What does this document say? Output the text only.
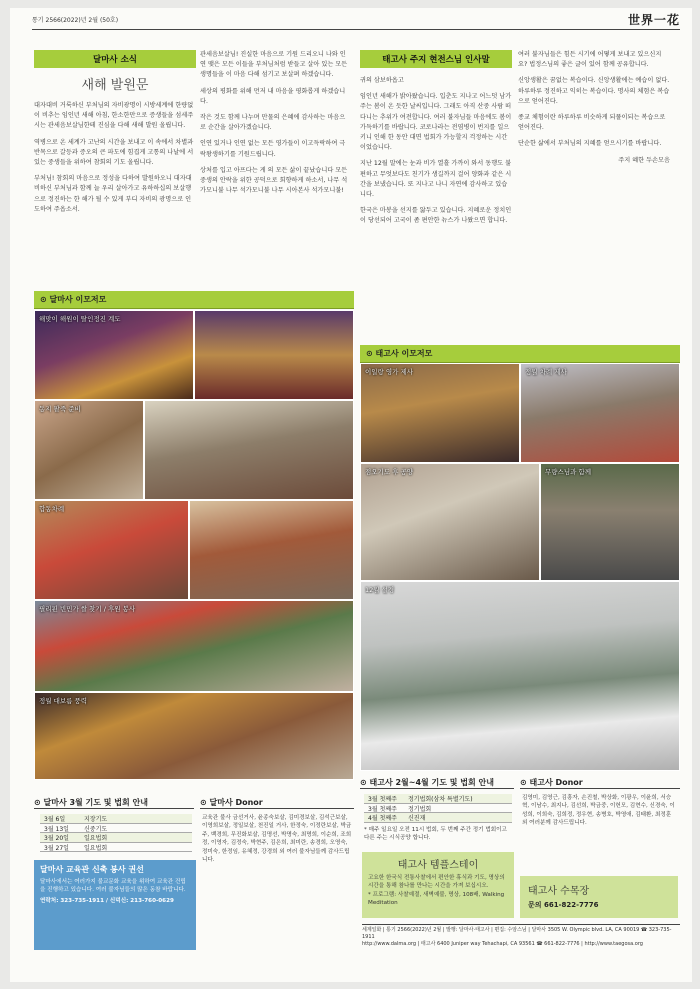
통기 2566(2022)년 2월 (50호)	世界一花
달마사 소식
새해 발원문
대자대비 거룩하신 부처님의 자비광명이 시방세계에 한량없이 비추는 임인년 새해 아침, 한소한만으로 증생들을 섬세주시는 관세음보살님한테 진심을 다해 새해 발원 올립니다.
역병으로 온 세계가 고난의 시간을 보내고 이 속에서 차별과 반목으로 갈등과 증오의 큰 파도에 힘겹게 고통의 나날에 서 있는 중생들을 위하여 참회의 기도 올립니다.
부처님! 참회의 마음으로 정성을 다하여 발원하오니 대자대비하신 부처님과 함께 늘 우리 살아가고 유하하십의 보살행으로 정진하는 한 해가 될 수 있게 부디 자비의 광명으로 인도하여 주옵소서.
관세음보살님! 진실한 마음으로 기원 드리오니 나와 인연 맺은 모든 이들을 부처님처럼 받들고 살아 있는 모든 생명들을 이 마음 다해 섬기고 보살펴 하겠습니다.
세상의 평화를 위해 먼저 내 마음을 평화롭게 하겠습니다.
작은 것도 함께 나누며 만물의 은혜에 감사하는 마음으로 순간을 살아가겠습니다.
인연 있거나 인연 없는 모든 영가들이 이고득락하여 극락왕생하기를 기원드립니다.
상처를 입고 아프다는 게 의 모든 삶이 끝났습니다 모든 중생의 안락을 위한 공덕으로 회향하게 하소서, 나무 석가모니불 나무 석가모니불 나무 시아본사 석가모니불!
태고사 주지 현전스님 인사말
귀의 삼보하옵고
임인년 새해가 밝아왔습니다. 입춘도 지나고 어느덧 남가주는 봄이 온 듯한 날씨입니다. 그래도 아직 산중 사람 떠다니는 추위가 여전합니다. 여러 불자님들 마음에도 봄이 가득하기를 바랍니다. 코로나라는 전염병이 번지를 일으키니 인해 한 동안 대면 법회가 가능할지 걱정하는 시간이었습니다.
지난 12월 말에는 눈과 비가 열흘 가까이 와서 동행도 불편하고 무엇보다도 친기가 생길까지 걸어 양화과 같은 시간을 보냈습니다. 또 지나고 나니 자연에 감사하고 있습니다.
한국은 마봉을 선지를 앓두고 있습니다. 지혜로운 정치인이 당선되어 고국이 좀 편안한 뉴스가 나왔으면 합니다.
여러 불자님들은 힘든 시기에 어떻게 보내고 있으신지요? 법정스님의 좋은 글이 있어 함께 공유합니다.
신앙생활은 꿈없는 복습이다. 신앙생활에는 예습이 없다. 하루하루 정진하고 익히는 복습이다. 명사의 체험은 복습으로 얻어진다.
종교 체험이란 하루하루 비슷하게 되풀이되는 복습으로 얻어진다.
단순한 삶에서 부처님의 지혜를 얻으시기를 바랍니다.
주지 혜한 두손모음
⊙ 달마사 이모저모
해맞이 해원이 탈인정진 계도
동지 팥죽 준비
합동차례
필리핀 빈민가 쌀 찾기 / 후원 봉사
정월 대보름 풍력
⊙ 태고사 이모저모
이일랑 영가 제사	정월 차례 제사
점오기도 후 공양	무량스님과 함께
12월 설경
⊙ 달마사 3월 기도 및 법회 안내
3월 6일	지장기도
3월 13일	신중기도
3월 20일	일요법회
3월 27일	일요법회
달마사 교육관 신축 봉사 권선
달마사에서는 여러가지 불교문화 교육을 위하여 교육관 건립을 진행하고 있습니다. 여러 불자님들의 많은 동참 바랍니다.
연락처: 323-735-1911 / 신덕신: 213-760-0629
⊙ 달마사 Donor
교육관 불사 금선거사, 윤종숙보살, 김미경보살, 김석근보살, 이영희보살, 정일보살, 천진일 거사, 한정숙, 이정란보살, 박금주, 백경희, 무진화보살, 김명선, 박명숙, 최명희, 이순희, 조희정, 이영자, 김정숙, 박현주, 김은희, 최미란, 송경희, 오영숙, 정미숙, 한정임, 유혜정, 강경희 외 여러 불자님들께 감사드립니다.
⊙ 태고사 2월~4월 기도 및 법회 안내
3월 첫째주	정기법회(삼차 특별기도)
3월 첫째주	정기법회
4월 첫째주	신진재
* 매주 일요일 오전 11시 법회, 두 번째 주간 정기 법회이고 다른 주는 시식공양 합니다.
태고사 템플스테이
고요한 한국식 전통사찰에서 편안한 휴식과 기도, 명상의 시간을 통해 참나를 만나는 시간을 가져 보십시오.
* 프로그램: 사찰예절, 새벽예불, 명상, 108배, Walking Meditation
⊙ 태고사 Donor
김영미, 김영근, 김흥자, 손진철, 박상화, 이광우, 이윤희, 서승혁, 이남수, 최지나, 김선희, 박금중, 이헌모, 김현수, 신경숙, 이성희, 이희숙, 김희정, 정우현, 송병호, 박영애, 김태환, 최정훈 외 여러분께 감사드립니다.
태고사 수목장
문의 661-822-7776
세계일화 | 통기 2566(2022)년 2월 | 발행: 달마사·태고사 | 편집: 수암스님 | 달마사 3505 W. Olympic blvd. LA, CA 90019 ☎ 323-735-1911
http://www.dalma.org | 태고사 6400 Juniper way Tehachapi, CA 93561 ☎ 661-822-7776 | http://www.taegosa.org
